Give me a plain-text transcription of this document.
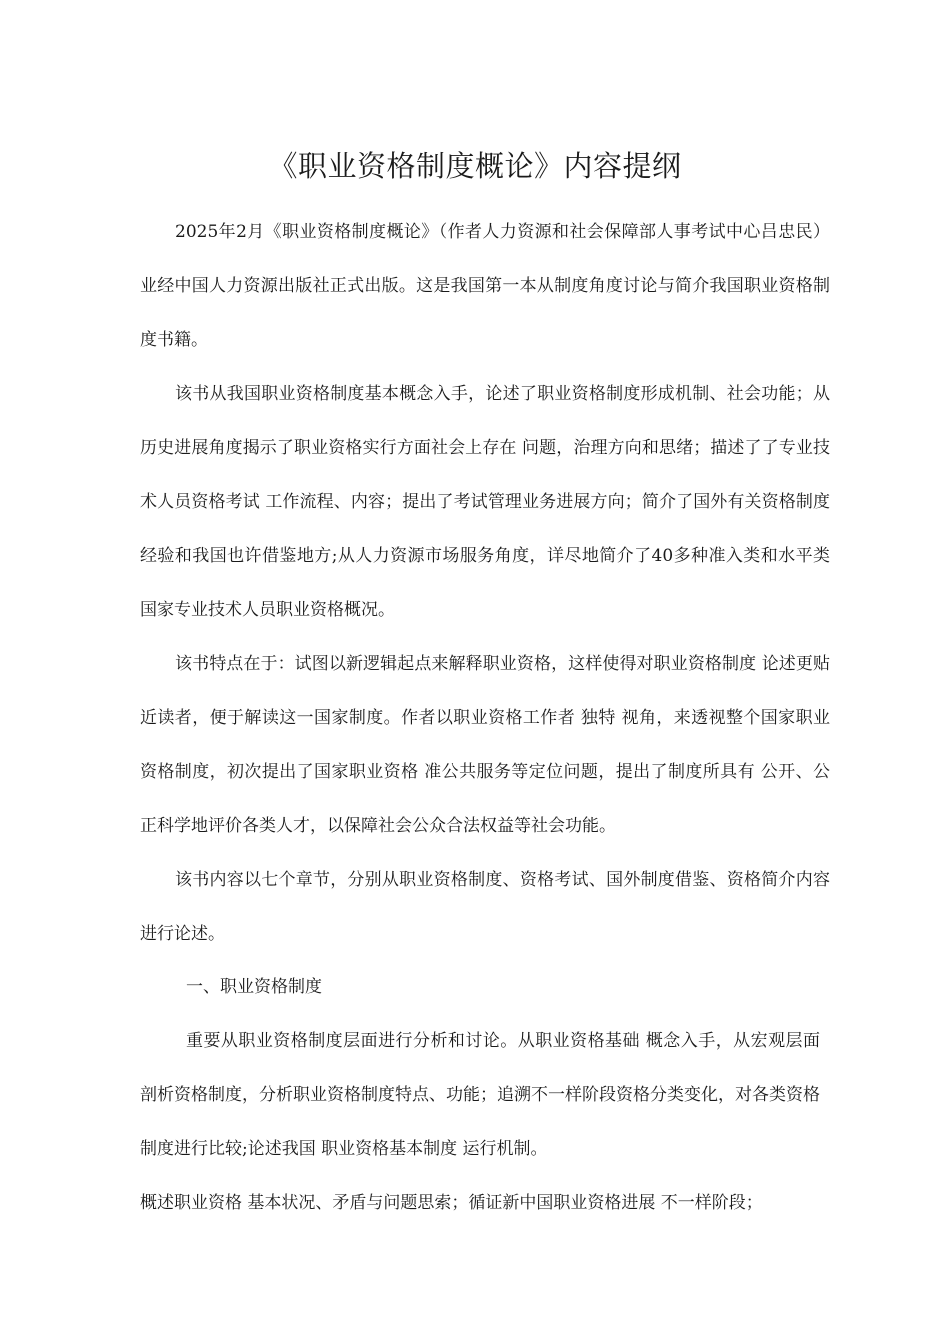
《职业资格制度概论》内容提纲

2025年2月《职业资格制度概论》（作者人力资源和社会保障部人事考试中心吕忠民）业经中国人力资源出版社正式出版。这是我国第一本从制度角度讨论与简介我国职业资格制度书籍。

该书从我国职业资格制度基本概念入手，论述了职业资格制度形成机制、社会功能；从历史进展角度揭示了职业资格实行方面社会上存在 问题，治理方向和思绪；描述了了专业技术人员资格考试 工作流程、内容；提出了考试管理业务进展方向；简介了国外有关资格制度经验和我国也许借鉴地方;从人力资源市场服务角度，详尽地简介了40多种准入类和水平类国家专业技术人员职业资格概况。

该书特点在于：试图以新逻辑起点来解释职业资格，这样使得对职业资格制度 论述更贴近读者，便于解读这一国家制度。作者以职业资格工作者 独特 视角，来透视整个国家职业资格制度，初次提出了国家职业资格 准公共服务等定位问题，提出了制度所具有 公开、公正科学地评价各类人才，以保障社会公众合法权益等社会功能。

该书内容以七个章节，分别从职业资格制度、资格考试、国外制度借鉴、资格简介内容进行论述。

一、职业资格制度

重要从职业资格制度层面进行分析和讨论。从职业资格基础 概念入手，从宏观层面剖析资格制度，分析职业资格制度特点、功能；追溯不一样阶段资格分类变化，对各类资格制度进行比较;论述我国 职业资格基本制度 运行机制。

概述职业资格 基本状况、矛盾与问题思索；循证新中国职业资格进展 不一样阶段；
